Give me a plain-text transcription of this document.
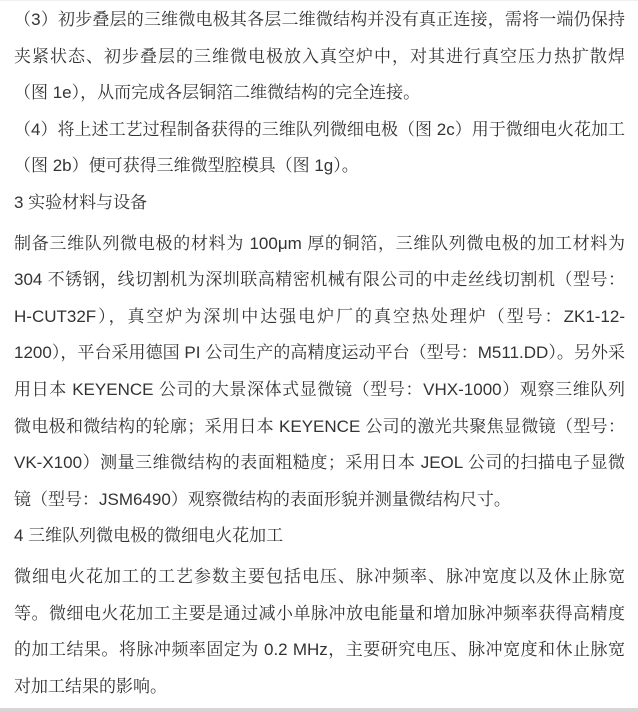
（3）初步叠层的三维微电极其各层二维微结构并没有真正连接，需将一端仍保持夹紧状态、初步叠层的三维微电极放入真空炉中，对其进行真空压力热扩散焊（图 1e），从而完成各层铜箔二维微结构的完全连接。

（4）将上述工艺过程制备获得的三维队列微细电极（图 2c）用于微细电火花加工（图 2b）便可获得三维微型腔模具（图 1g）。

3 实验材料与设备

制备三维队列微电极的材料为 100μm 厚的铜箔，三维队列微电极的加工材料为 304 不锈钢，线切割机为深圳联高精密机械有限公司的中走丝线切割机（型号：H-CUT32F），真空炉为深圳中达强电炉厂的真空热处理炉（型号：ZK1-12-1200），平台采用德国 PI 公司生产的高精度运动平台（型号：M511.DD）。另外采用日本 KEYENCE 公司的大景深体式显微镜（型号：VHX-1000）观察三维队列微电极和微结构的轮廓；采用日本 KEYENCE 公司的激光共聚焦显微镜（型号：VK-X100）测量三维微结构的表面粗糙度；采用日本 JEOL 公司的扫描电子显微镜（型号：JSM6490）观察微结构的表面形貌并测量微结构尺寸。

4 三维队列微电极的微细电火花加工

微细电火花加工的工艺参数主要包括电压、脉冲频率、脉冲宽度以及休止脉宽等。微细电火花加工主要是通过减小单脉冲放电能量和增加脉冲频率获得高精度的加工结果。将脉冲频率固定为 0.2 MHz，主要研究电压、脉冲宽度和休止脉宽对加工结果的影响。
